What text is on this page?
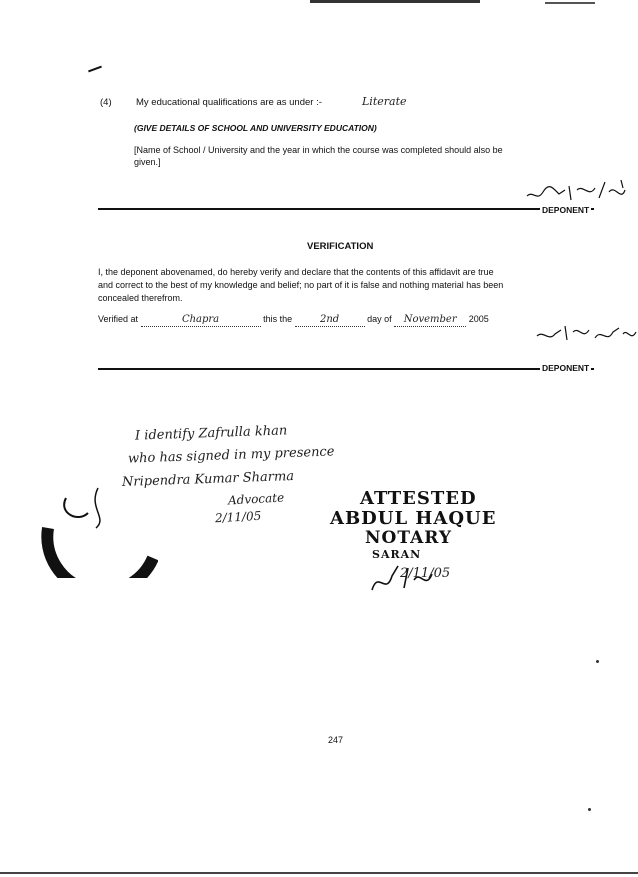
(4)	My educational qualifications are as under :-	Literate
(GIVE DETAILS OF SCHOOL AND UNIVERSITY EDUCATION)
[Name of School / University and the year in which the course was completed should also be
given.]
DEPONENT
VERIFICATION
I, the deponent abovenamed, do hereby verify and declare that the contents of this affidavit are true
and correct to the best of my knowledge and belief; no part of it is false and nothing material has been
concealed therefrom.
Verified at	Chapra	this the	2nd	day of November 2005
DEPONENT
I identify Zafrulla khan
who has signed in my presence
Nripendra Kumar Sharma
Advocate
2/11/05
ATTESTED
ABDUL HAQUE
NOTARY
SARAN
2/11/05
247
